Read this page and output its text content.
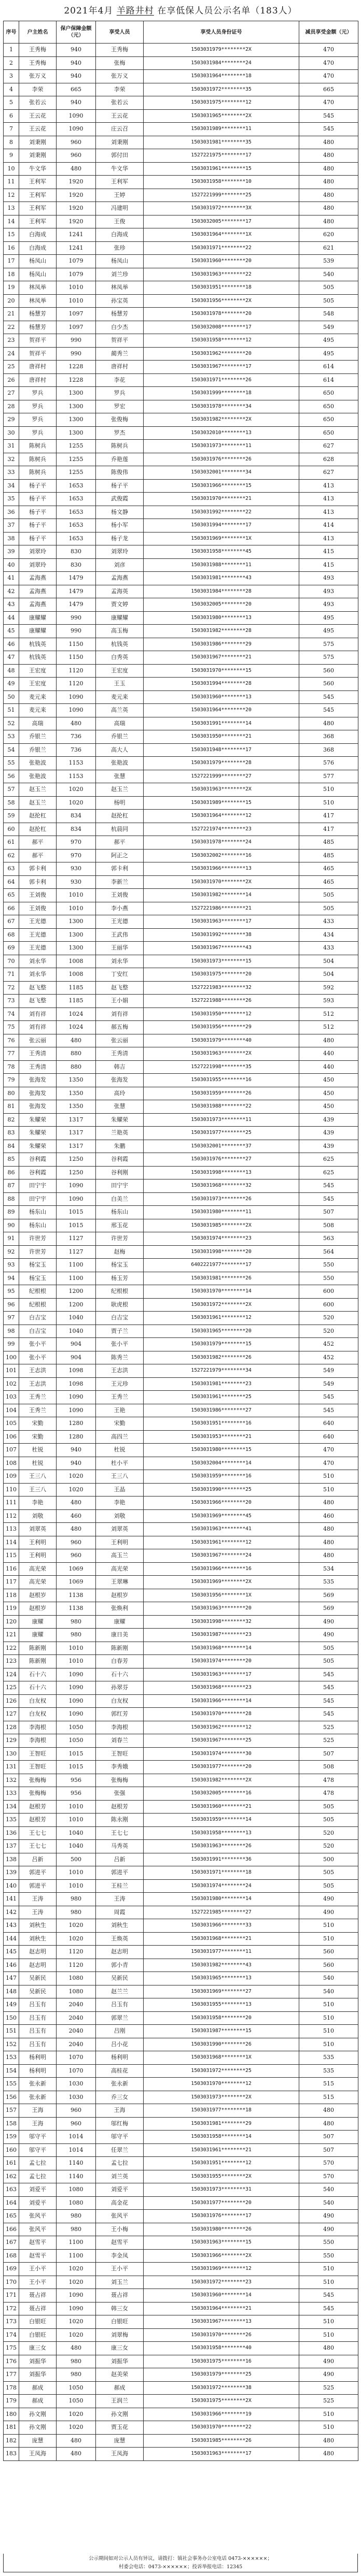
2021年4月 羊路井村 在享低保人员公示名单（183人）
序号	户主姓名	保户保障金额（元）	享受人员	享受人员身份证号	减员享受金额（元）
1	王秀梅	940	王秀梅	1503031979********2X	470
2	王秀梅	940	张梅	1503031984********24	470
3	张万义	940	张万义	1503031964********18	470
4	李荣	665	李荣	1503031972********35	665
5	张若云	940	张若云	1503031975********12	470
6	王云花	1090	王云花	1503031965********2X	545
7	王云花	1090	庄云召	1503031989********11	545
8	刘秉刚	960	刘秉刚	1503031981********35	480
9	刘秉刚	960	郭付田	1527221975********17	480
10	牛文华	480	牛文华	1503031961********15	480
11	王利军	1920	王利军	1503031958********10	480
12	王利军	1920	王婷	1527221999********25	480
13	王利军	1920	冯建明	1503031972********3X	480
14	王利军	1920	王俊	1503032005********17	480
15	白海成	1241	白海成	1503031964********1X	620
16	白海成	1241	张珍	1503031971********22	621
17	杨凤山	1079	杨凤山	1503031960********20	539
18	杨凤山	1079	刘兰珍	1503031963********22	540
19	林凤举	1010	林凤举	1503031951********18	505
20	林凤举	1010	孙宝英	1503031956********2X	505
21	杨慧芳	1097	杨慧芳	1503031978********20	548
22	杨慧芳	1097	白少杰	1503032008********17	549
23	贺祥平	990	贺祥平	1503031958********12	495
24	贺祥平	990	蔺秀兰	1503031962********20	495
25	唐祥村	1228	唐祥村	1503031967********17	614
26	唐祥村	1228	李花	1503031971********26	614
27	罗兵	1300	罗兵	1503031999********18	650
28	罗兵	1300	罗宏	1503031978********34	650
29	罗兵	1300	张俊梅	1503031982********2X	650
30	罗兵	1300	罗杰	1503032010********13	650
31	陈树兵	1255	陈树兵	1503031973********11	627
32	陈树兵	1255	乔艳莲	1503031976********26	628
33	陈树兵	1255	陈俊伟	1503032001********34	627
34	杨子平	1653	杨子平	1503031966********15	413
35	杨子平	1653	武俊霞	1503031970********21	413
36	杨子平	1653	杨文静	1503031992********22	413
37	杨子平	1653	杨小军	1503031994********17	414
38	杨子平	1653	杨子龙	1503031969********1X	413
39	刘翠玲	830	刘翠玲	1503031958********45	415
40	刘翠玲	830	刘彦	1503031988********11	415
41	孟海燕	1479	孟海燕	1503031981********43	493
42	孟海燕	1479	孟海英	1503031984********28	493
43	孟海燕	1479	贾文婷	1503032005********20	493
44	康耀耀	990	康耀耀	1503031980********13	495
45	康耀耀	990	高玉梅	1503031982********28	495
46	杭钱英	1150	杭钱英	1503031986********29	575
47	杭钱英	1150	白秀英	1503031967********21	575
48	王宏度	1120	王宏度	1503031970********15	560
49	王宏度	1120	王玉	1503031994********28	560
50	麦元来	1090	麦元来	1503031960********13	545
51	麦元来	1090	高兰英	1503031964********20	545
52	高瑞	480	高瑞	1503031991********14	480
53	乔银兰	736	乔银兰	1503031950********21	368
54	乔银兰	736	高大人	1503031948********17	368
55	张艳波	1153	张艳波	1503031979********28	576
56	张艳波	1153	张慧	1527221999********27	577
57	赵玉兰	1020	赵玉兰	1503031963********2X	510
58	赵玉兰	1020	杨明	1503031989********15	510
59	赵抡杠	834	赵抡杠	1503031964********12	417
60	赵抡杠	834	杭晨同	1527221974********23	417
61	郝平	970	郝平	1503031978********24	485
62	郝平	970	阿正之	1503032002********16	485
63	郭卡利	930	郭卡利	1503031966********13	465
64	郭卡利	930	李新兰	1503031970********2X	465
65	王刘俊	1010	王刘俊	1503031982********14	505
66	王刘俊	1010	李小燕	1527221986********21	505
67	王光德	1300	王光德	1503031963********17	433
68	王光德	1300	王武伟	1503031992********38	434
69	王光德	1300	王丽华	1503031967********43	433
70	刘永华	1008	刘永华	1503031973********15	504
71	刘永华	1008	丁安红	1503031975********20	504
72	赵飞整	1185	赵飞整	1527221983********32	592
73	赵飞整	1185	王小娟	1527221988********26	593
74	刘有祥	1024	刘有祥	1503031950********12	512
75	刘有祥	1024	郝五梅	1503031956********29	512
76	张云丽	480	张云丽	1503031979********40	480
77	王秀清	880	王秀清	1503031963********2X	440
78	王秀清	880	韩吉	1527221998********35	440
79	张海发	1350	张海发	1503031955********16	450
80	张海发	1350	高玲	1503031959********26	450
81	张海发	1350	张慧	1503031988********22	450
82	朱耀荣	1317	朱耀荣	1503031973********11	439
83	朱耀荣	1317	兰艳英	1503031977********25	439
84	朱耀荣	1317	朱鹏	1503032001********37	439
85	谷利霞	1250	谷利霞	1503031976********27	625
86	谷利霞	1250	谷利刚	1503031998********13	625
87	田宁宇	1090	田宁宇	1503031968********32	545
88	田宁宇	1090	白美兰	1503031973********26	545
89	杨东山	1015	杨东山	1503031980********11	507
90	杨东山	1015	邢玉花	1503031985********2X	508
91	许世芳	1127	许世芳	1503031974********23	563
92	许世芳	1127	赵梅	1503031998********20	564
93	杨宝玉	1100	杨宝玉	6402221977********17	550
94	杨宝玉	1100	杨玉芳	1503031981********26	550
95	纪根根	1200	纪根根	1503031970********14	600
96	纪根根	1200	耿虎根	1503031972********2X	600
97	白吉宝	1040	白吉宝	1503031961********12	520
98	白吉宝	1040	贾子兰	1503031965********20	520
99	张小平	904	张小平	1503031979********15	452
100	张小平	904	陈秀兰	1503031982********26	452
101	王志洪	1098	王志洪	1527221979********34	549
102	王志洪	1098	王元珍	1503031981********23	549
103	王秀兰	1090	王秀兰	1503031961********25	545
104	王秀兰	1090	王艳	1503031986********27	545
105	宋勤	1280	宋勤	1503031951********16	640
106	宋勤	1280	高四兰	1503031953********21	640
107	杜锐	940	杜锐	1503031980********15	470
108	杜锐	940	杜小平	1503032004********14	470
109	王三八	1020	王三八	1503031959********16	510
110	王三八	1020	王晶	1503031990********25	510
111	李艳	480	李艳	1503031966********20	480
112	刘敬	460	刘敬	1503031969********45	460
113	刘翠英	480	刘翠英	1503031963********41	480
114	王利明	960	王利明	1503031961********12	480
115	王利明	960	高玉兰	1503031967********24	480
116	高光荣	1069	高光荣	1503031966********16	534
117	高光荣	1069	王翠琳	1503031969********2X	535
118	赵根岁	1138	赵根岁	1503031956********1X	569
119	赵根岁	1138	张焕利	1503031963********20	569
120	康耀	980	康耀	1503031998********32	490
121	康耀	980	康日美	1503031987********23	490
122	陈新刚	1010	陈新刚	1503031968********14	505
123	陈新刚	1010	白春芳	1503031974********20	505
124	石十六	1090	石十六	1503031963********17	545
125	石十六	1090	孙翠芬	1503031968********23	545
126	白友权	1090	白友权	1503031966********14	545
127	白友权	1090	郭红芳	1503031970********28	545
128	李海根	1050	李海根	1503031962********12	525
129	李海根	1050	刘春兰	1503031967********25	525
130	王智旺	1015	王智旺	1503031974********30	507
131	王智旺	1015	李秀娥	1503031977********20	508
132	张梅梅	956	张梅梅	1503031982********2X	478
133	张梅梅	956	张强	1503032005********16	478
134	赵根芳	1010	赵根芳	1503031960********21	505
135	赵根芳	1010	陈永刚	1503031959********14	505
136	王七七	1040	王七七	1503031958********13	520
137	王七七	1040	马秀英	1503031963********26	520
138	吕新	500	吕新	1503031991********36	500
139	郭进平	1010	郭进平	1503031971********18	505
140	郭进平	1010	王桂兰	1503031974********24	505
141	王涛	980	王涛	1503031980********14	490
142	王涛	980	周霞	1527221985********27	490
143	刘秋生	1020	刘秋生	1503031966********33	510
144	刘秋生	1020	王焕英	1503031968********21	510
145	赵志明	1120	赵志明	1503031977********11	560
146	赵志明	1120	郭小青	1503031982********43	560
147	吴新民	1080	吴新民	1503031965********13	540
148	吴新民	1080	赵兰兰	1503031969********27	540
149	吕玉有	2040	吕玉有	1503031955********13	510
150	吕玉有	2040	郭翠兰	1503031958********20	510
151	吕玉有	2040	吕刚	1503031987********15	510
152	吕玉有	2040	吕小花	1503031990********26	510
153	杨利明	1070	杨利明	1503031968********1X	535
154	杨利明	1070	高桂花	1503031972********25	535
155	张永新	1030	张永新	1503031970********12	515
156	张永新	1030	乔三女	1503031973********2X	515
157	王海	960	王海	1503031977********18	480
158	王海	960	邬红梅	1503031981********29	480
159	邬守平	1014	邬守平	1503031958********14	507
160	邬守平	1014	任翠兰	1503031961********21	507
161	孟七拉	1140	孟七拉	1503031951********12	570
162	孟七拉	1140	刘兰英	1503031955********2X	570
163	刘爱平	1080	刘爱平	1503031973********31	540
164	刘爱平	1080	高金花	1503031977********20	540
165	张风平	980	张风平	1503031976********17	490
166	张风平	980	王小梅	1503031980********26	490
167	赵雪平	1100	赵雪平	1503031963********15	550
168	赵雪平	1100	李金凤	1503031966********2X	550
169	王小平	1020	王小平	1503031969********12	510
170	王小平	1020	刘玉兰	1503031972********23	510
171	聂占祥	1090	聂占祥	1503031960********14	545
172	聂占祥	1090	韩三女	1503031964********21	545
173	白银旺	1020	白银旺	1503031967********13	510
174	白银旺	1020	刘翠梅	1503031970********26	510
175	康三女	480	康三女	1503031958********40	480
176	刘振华	980	刘振华	1503031975********16	490
177	刘振华	980	赵美荣	1503031979********25	490
178	郝成	1050	郝成	1503031972********38	525
179	郝成	1050	王润兰	1503031975********2X	525
180	孙文刚	1020	孙文刚	1503031966********19	510
181	孙文刚	1020	贾玉花	1503031970********22	510
182	庞慧	480	庞慧	1503031985********26	480
183	王凤海	480	王凤海	1503031963********17	480
公示期间如对公示人员有异议，请拨打：镇社会事务办公室电话 0473-××××××；
村委会电话：0473-××××××；投诉举报电话：12345
